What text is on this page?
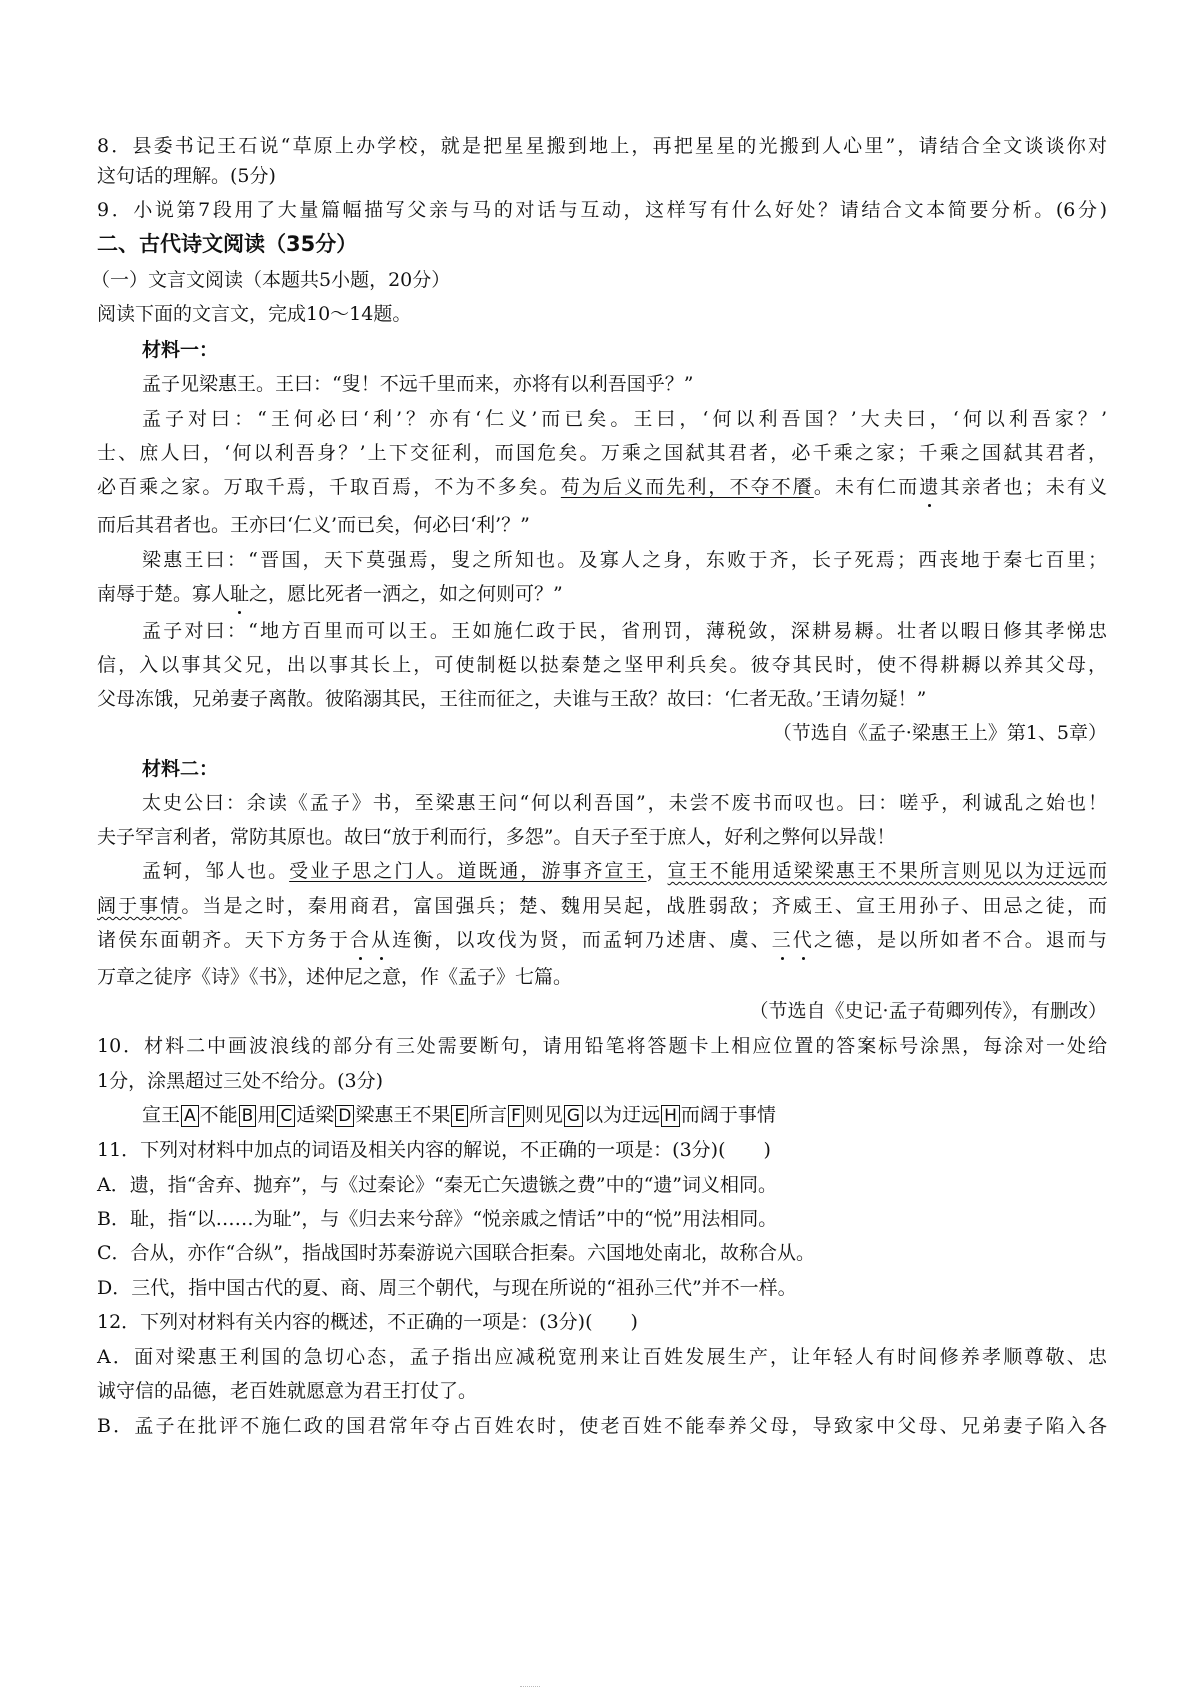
8．县委书记王石说“草原上办学校，就是把星星搬到地上，再把星星的光搬到人心里”，请结合全文谈谈你对
这句话的理解。(5分)
9．小说第7段用了大量篇幅描写父亲与马的对话与互动，这样写有什么好处？请结合文本简要分析。(6分)
二、古代诗文阅读（35分）
（一）文言文阅读（本题共5小题，20分）
阅读下面的文言文，完成10～14题。
材料一：
孟子见梁惠王。王曰：“叟！不远千里而来，亦将有以利吾国乎？”
孟子对曰：“王何必曰‘利’？亦有‘仁义’而已矣。王曰，‘何以利吾国？’大夫曰，‘何以利吾家？’
士、庶人曰，‘何以利吾身？’上下交征利，而国危矣。万乘之国弑其君者，必千乘之家；千乘之国弑其君者，
必百乘之家。万取千焉，千取百焉，不为不多矣。苟为后义而先利，不夺不餍。未有仁而遗其亲者也；未有义
而后其君者也。王亦曰‘仁义’而已矣，何必曰‘利’？”
梁惠王曰：“晋国，天下莫强焉，叟之所知也。及寡人之身，东败于齐，长子死焉；西丧地于秦七百里；
南辱于楚。寡人耻之，愿比死者一洒之，如之何则可？”
孟子对曰：“地方百里而可以王。王如施仁政于民，省刑罚，薄税敛，深耕易耨。壮者以暇日修其孝悌忠
信，入以事其父兄，出以事其长上，可使制梃以挞秦楚之坚甲利兵矣。彼夺其民时，使不得耕耨以养其父母，
父母冻饿，兄弟妻子离散。彼陷溺其民，王往而征之，夫谁与王敌？故曰：‘仁者无敌。’王请勿疑！”
（节选自《孟子·梁惠王上》第1、5章）
材料二：
太史公曰：余读《孟子》书，至梁惠王问“何以利吾国”，未尝不废书而叹也。曰：嗟乎，利诚乱之始也！
夫子罕言利者，常防其原也。故曰“放于利而行，多怨”。自天子至于庶人，好利之弊何以异哉！
孟轲，邹人也。受业子思之门人。道既通，游事齐宣王，宣王不能用适梁梁惠王不果所言则见以为迂远而
阔于事情。当是之时，秦用商君，富国强兵；楚、魏用吴起，战胜弱敌；齐威王、宣王用孙子、田忌之徒，而
诸侯东面朝齐。天下方务于合从连衡，以攻伐为贤，而孟轲乃述唐、虞、三代之德，是以所如者不合。退而与
万章之徒序《诗》《书》，述仲尼之意，作《孟子》七篇。
（节选自《史记·孟子荀卿列传》，有删改）
10．材料二中画波浪线的部分有三处需要断句，请用铅笔将答题卡上相应位置的答案标号涂黑，每涂对一处给
1分，涂黑超过三处不给分。(3分)
宣王 A 不能 B 用 C 适梁 D 梁惠王不果 E 所言 F 则见 G 以为迂远 H 而阔于事情
11．下列对材料中加点的词语及相关内容的解说，不正确的一项是：(3分)(　　)
A．遗，指“舍弃、抛弃”，与《过秦论》“秦无亡矢遗镞之费”中的“遗”词义相同。
B．耻，指“以……为耻”，与《归去来兮辞》“悦亲戚之情话”中的“悦”用法相同。
C．合从，亦作“合纵”，指战国时苏秦游说六国联合拒秦。六国地处南北，故称合从。
D．三代，指中国古代的夏、商、周三个朝代，与现在所说的“祖孙三代”并不一样。
12．下列对材料有关内容的概述，不正确的一项是：(3分)(　　)
A．面对梁惠王利国的急切心态，孟子指出应减税宽刑来让百姓发展生产，让年轻人有时间修养孝顺尊敬、忠
诚守信的品德，老百姓就愿意为君王打仗了。
B．孟子在批评不施仁政的国君常年夺占百姓农时，使老百姓不能奉养父母，导致家中父母、兄弟妻子陷入各
